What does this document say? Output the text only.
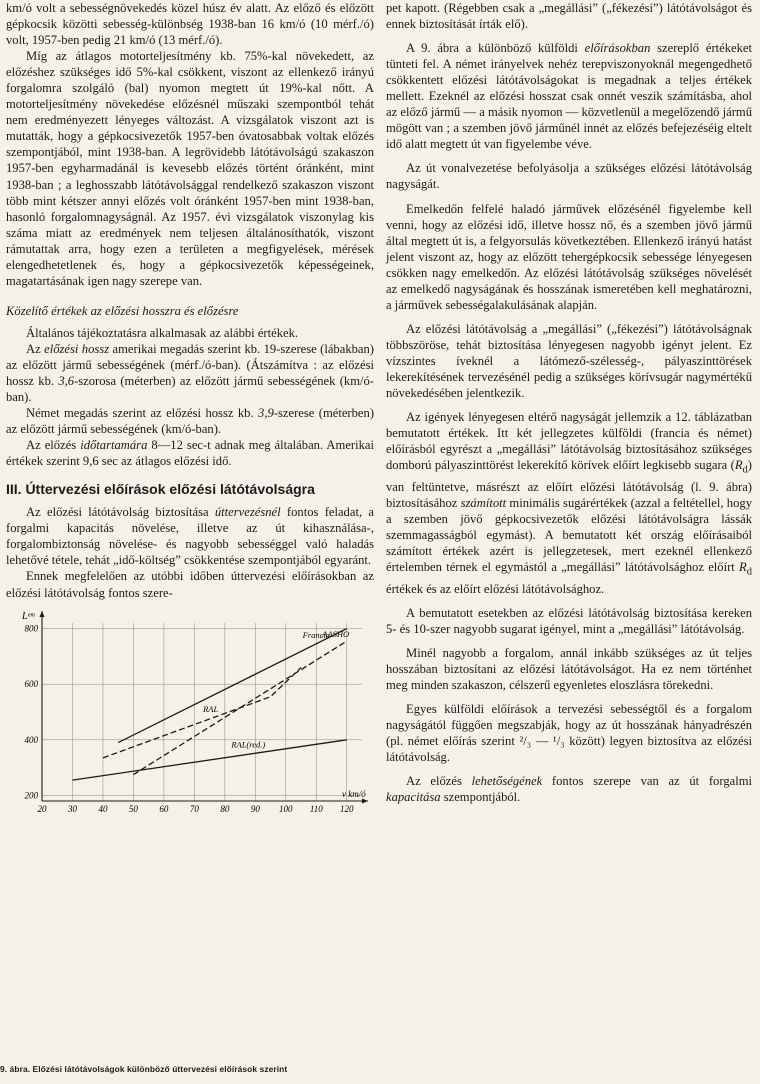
km/ó volt a sebességnövekedés közel húsz év alatt. Az előző és előzött gépkocsik közötti sebesség-különbség 1938-ban 16 km/ó (10 mérf./ó) volt, 1957-ben pedig 21 km/ó (13 mérf./ó).

Míg az átlagos motorteljesítmény kb. 75%-kal növekedett, az előzéshez szükséges idő 5%-kal csökkent, viszont az ellenkező irányú forgalomra szolgáló (bal) nyomon megtett út 19%-kal nőtt. A motorteljesítmény növekedése előzésnél műszaki szempontból tehát nem eredményezett lényeges változást. A vizsgálatok viszont azt is mutatták, hogy a gépkocsivezetők 1957-ben óvatosabbak voltak előzés szempontjából, mint 1938-ban. A legrövidebb látótávolságú szakaszon 1957-ben egyharmadánál is kevesebb előzés történt óránként, mint 1938-ban ; a leghosszabb látótávolsággal rendelkező szakaszon viszont több mint kétszer annyi előzés volt óránként 1957-ben mint 1938-ban, hasonló forgalomnagyságnál. Az 1957. évi vizsgálatok viszonylag kis száma miatt az eredmények nem teljesen általánosíthatók, viszont rámutattak arra, hogy ezen a területen a megfigyelések, mérések elengedhetetlenek és, hogy a gépkocsivezetők képességeinek, magatartásának igen nagy szerepe van.

Közelítő értékek az előzési hosszra és előzésre

Általános tájékoztatásra alkalmasak az alábbi értékek.

Az előzési hossz amerikai megadás szerint kb. 19-szerese (lábakban) az előzött jármű sebességének (mérf./ó-ban). (Átszámítva : az előzési hossz kb. 3,6-szorosa (méterben) az előzött jármű sebességének (km/ó-ban).

Német megadás szerint az előzési hossz kb. 3,9-szerese (méterben) az előzött jármű sebességének (km/ó-ban).

Az előzés időtartamára 8—12 sec-t adnak meg általában. Amerikai értékek szerint 9,6 sec az átlagos előzési idő.

III. Úttervezési előírások előzési látótávolságra

Az előzési látótávolság biztosítása úttervezésnél fontos feladat, a forgalmi kapacitás növelése, illetve az út kihasználása-, forgalombiztonság növelése- és nagyobb sebességgel való haladás lehetővé tétele, tehát „idő-költség” csökkentése szempontjából egyaránt.

Ennek megfelelően az utóbbi időben úttervezési előírásokban az előzési látótávolság fontos szere-

20 30 40 50 60 70 80 90 100 110 120
200
400
600
800
Lᵉᵐ
v km/ó
Francia
AASHO
RAL
RAL(red.)
9. ábra. Előzési látótávolságok különböző úttervezési előírások szerint

pet kapott. (Régebben csak a „megállási” („fékezési”) látótávolságot és ennek biztosítását írták elő).

A 9. ábra a különböző külföldi előírásokban szereplő értékeket tünteti fel. A német irányelvek nehéz terepviszonyoknál megengedhető csökkentett előzési látótávolságokat is megadnak a teljes értékek mellett. Ezeknél az előzési hosszat csak onnét veszik számításba, ahol az előző jármű — a másik nyomon — közvetlenül a megelőzendő jármű mögött van ; a szemben jövő járműnél innét az előzés befejezéséig eltelt idő alatt megtett út van figyelembe véve.

Az út vonalvezetése befolyásolja a szükséges előzési látótávolság nagyságát.

Emelkedőn felfelé haladó járművek előzésénél figyelembe kell venni, hogy az előzési idő, illetve hossz nő, és a szemben jövő jármű által megtett út is, a felgyorsulás következtében. Ellenkező irányú hatást jelent viszont az, hogy az előzött tehergépkocsik sebessége lényegesen csökken nagy emelkedőn. Az előzési látótávolság szükséges növelését az emelkedő nagyságának és hosszának ismeretében kell meghatározni, a járművek sebességalakulásának alapján.

Az előzési látótávolság a „megállási” („fékezési”) látótávolságnak többszöröse, tehát biztosítása lényegesen nagyobb igényt jelent. Ez vízszintes íveknél a látómező-szélesség-, pályaszinttörések lekerekítésének tervezésénél pedig a szükséges körívsugár nagymértékű növekedésében jelentkezik.

Az igények lényegesen eltérő nagyságát jellemzik a 12. táblázatban bemutatott értékek. Itt két jellegzetes külföldi (francia és német) előírásból egyrészt a „megállási” látótávolság biztosításához szükséges domború pályaszinttörést lekerekítő körívek előírt legkisebb sugara $(R_d)$ van feltüntetve, másrészt az előírt előzési látótávolság (l. 9. ábra) biztosításához számított minimális sugárértékek (azzal a feltétellel, hogy a szemben jövő gépkocsivezetők előzési látótávolságra lássák szemmagasságból egymást). A bemutatott két ország előírásaiból számított értékek azért is jellegzetesek, mert ezeknél ellenkező értelemben térnek el egymástól a „megállási” látótávolsághoz előírt $R_d$ értékek és az előírt előzési látótávolsághoz.

A bemutatott esetekben az előzési látótávolság biztosítása kereken 5- és 10-szer nagyobb sugarat igényel, mint a „megállási” látótávolság.

Minél nagyobb a forgalom, annál inkább szükséges az út teljes hosszában biztosítani az előzési látótávolságot. Ha ez nem történhet meg minden szakaszon, célszerű egyenletes eloszlásra törekedni.

Egyes külföldi előírások a tervezési sebességtől és a forgalom nagyságától függően megszabják, hogy az út hosszának hányadrészén (pl. német előírás szerint ²/₃ — ¹/₃ között) legyen biztosítva az előzési látótávolság.

Az előzés lehetőségének fontos szerepe van az út forgalmi kapacitása szempontjából.
